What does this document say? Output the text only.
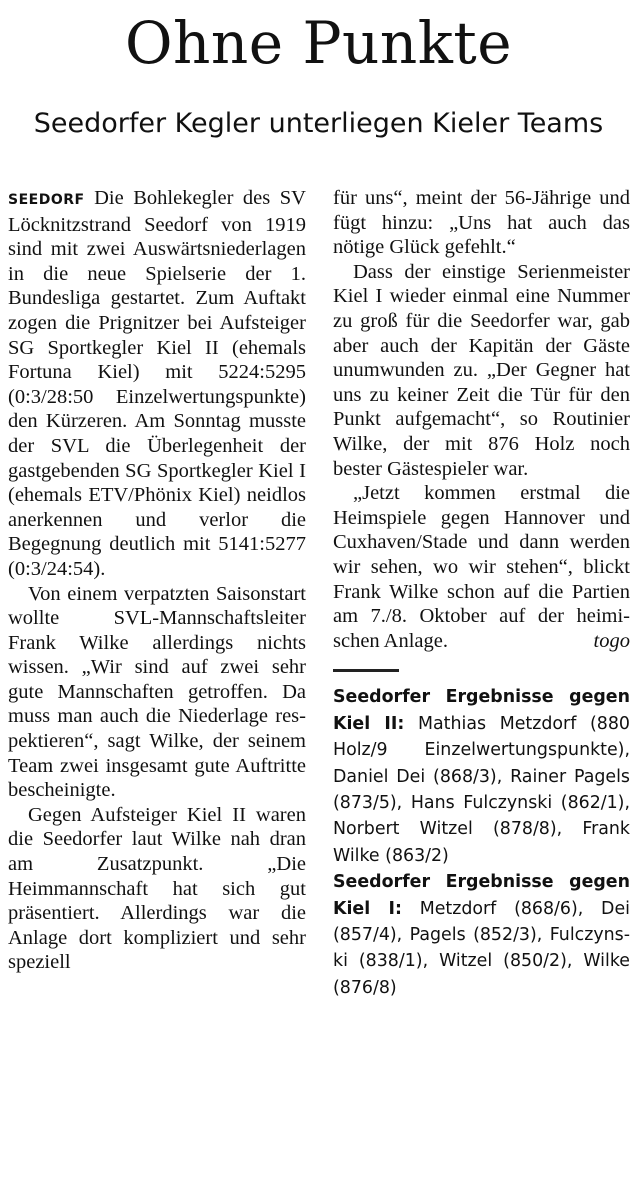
Ohne Punkte
Seedorfer Kegler unterliegen Kieler Teams

SEEDORF Die Bohlekegler des SV Löcknitzstrand Seedorf von 1919 sind mit zwei Auswärtsniederlagen in die neue Spielserie der 1. Bundesliga gestartet. Zum Auftakt zogen die Prignitzer bei Aufsteiger SG Sportkegler Kiel II (ehemals Fortuna Kiel) mit 5224:5295 (0:3/28:50 Einzelwertungspunkte) den Kürzeren. Am Sonntag musste der SVL die Überlegenheit der gastgebenden SG Sportkegler Kiel I (ehemals ETV/Phönix Kiel) neidlos anerkennen und verlor die Begegnung deutlich mit 5141:5277 (0:3/24:54).

Von einem verpatzten Saisonstart wollte SVL-Mannschaftsleiter Frank Wilke allerdings nichts wissen. „Wir sind auf zwei sehr gute Mannschaften getroffen. Da muss man auch die Niederlage respektieren“, sagt Wilke, der seinem Team zwei insgesamt gute Auftritte bescheinigte.

Gegen Aufsteiger Kiel II waren die Seedorfer laut Wilke nah dran am Zusatzpunkt. „Die Heimmannschaft hat sich gut präsentiert. Allerdings war die Anlage dort kompliziert und sehr speziell

für uns“, meint der 56-Jährige und fügt hinzu: „Uns hat auch das nötige Glück gefehlt.“

Dass der einstige Serienmeister Kiel I wieder einmal eine Nummer zu groß für die Seedorfer war, gab aber auch der Kapitän der Gäste unumwunden zu. „Der Gegner hat uns zu keiner Zeit die Tür für den Punkt aufgemacht“, so Routinier Wilke, der mit 876 Holz noch bester Gästespieler war.

„Jetzt kommen erstmal die Heimspiele gegen Hannover und Cuxhaven/Stade und dann werden wir sehen, wo wir stehen“, blickt Frank Wilke schon auf die Partien am 7./8. Oktober auf der heimischen Anlage.	togo

Seedorfer Ergebnisse gegen Kiel II: Mathias Metzdorf (880 Holz/9 Einzelwertungspunkte), Daniel Dei (868/3), Rainer Pagels (873/5), Hans Fulczynski (862/1), Norbert Witzel (878/8), Frank Wilke (863/2)

Seedorfer Ergebnisse gegen Kiel I: Metzdorf (868/6), Dei (857/4), Pagels (852/3), Fulczynski (838/1), Witzel (850/2), Wilke (876/8)
